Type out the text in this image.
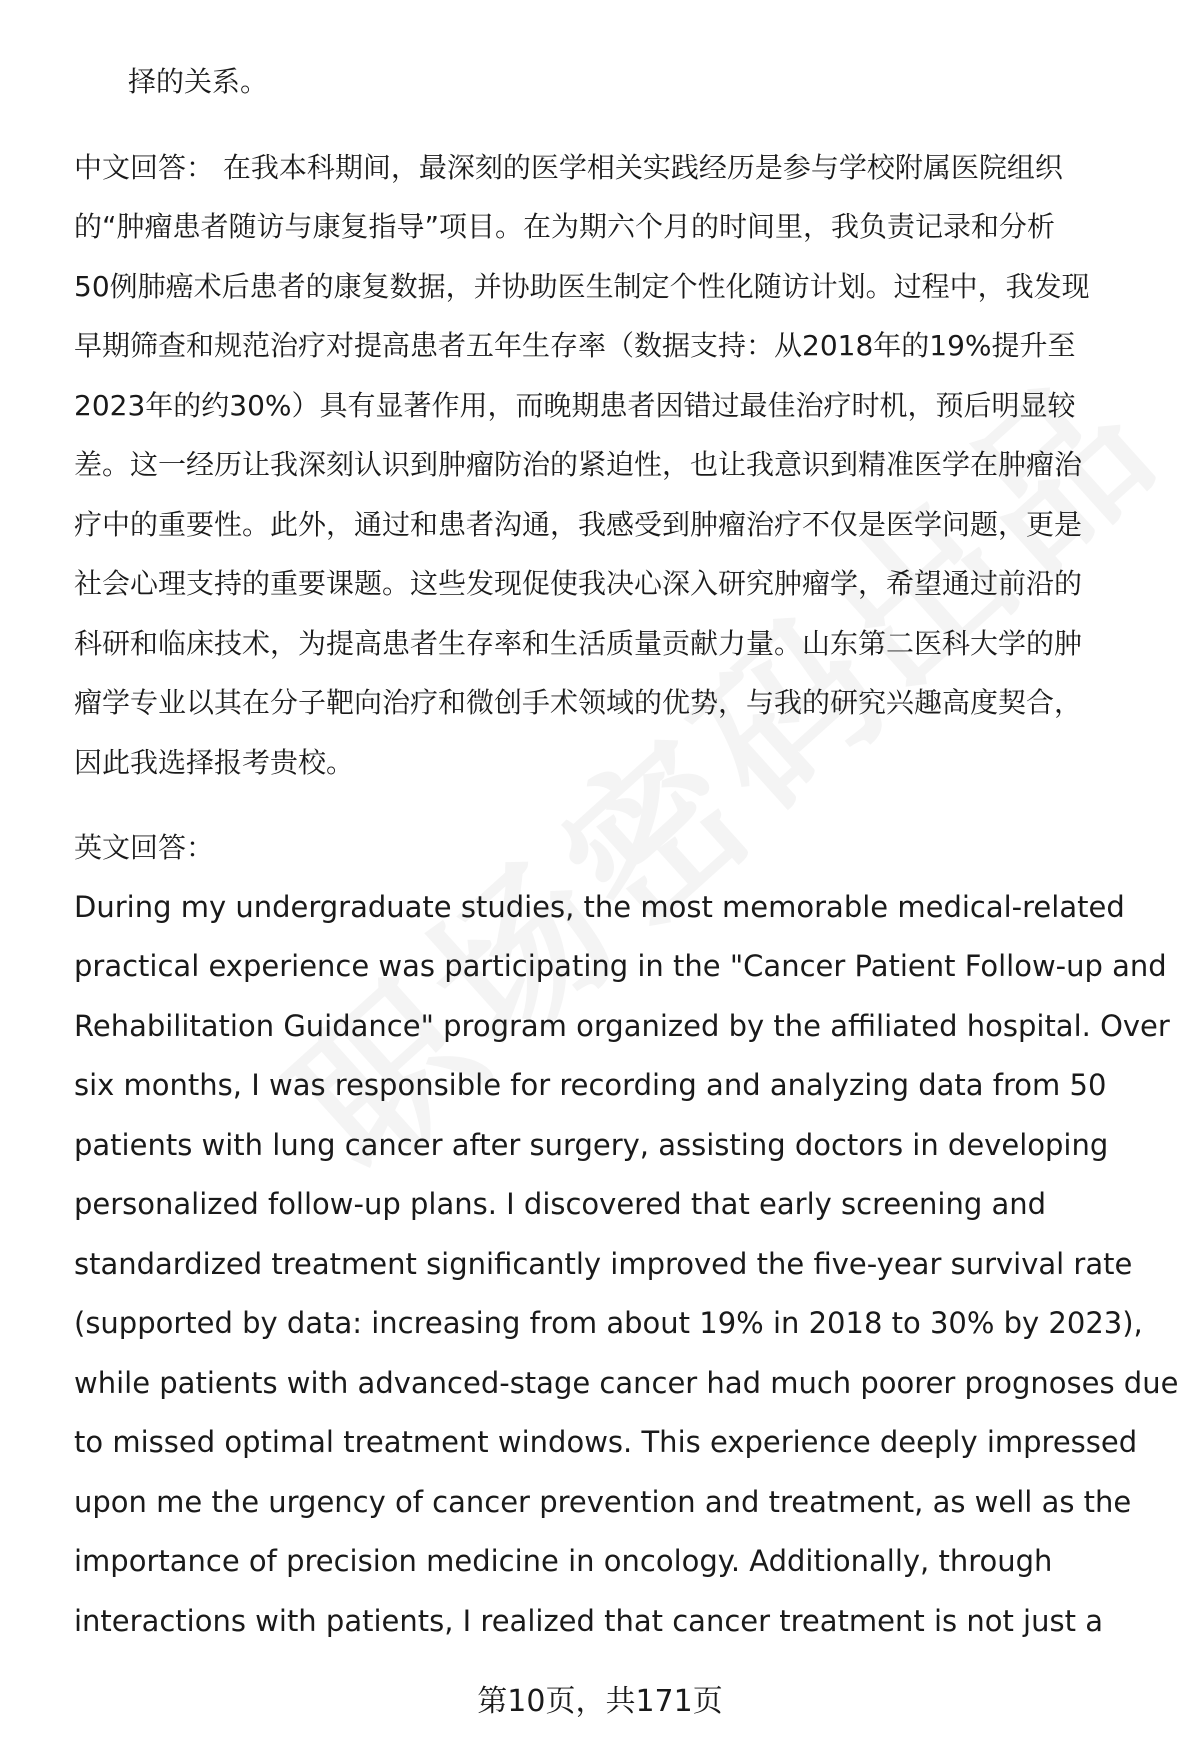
择的关系。

中文回答： 在我本科期间，最深刻的医学相关实践经历是参与学校附属医院组织

的“肿瘤患者随访与康复指导”项目。在为期六个月的时间里，我负责记录和分析

50例肺癌术后患者的康复数据，并协助医生制定个性化随访计划。过程中，我发现

早期筛查和规范治疗对提高患者五年生存率（数据支持：从2018年的19%提升至

2023年的约30%）具有显著作用，而晚期患者因错过最佳治疗时机，预后明显较

差。这一经历让我深刻认识到肿瘤防治的紧迫性，也让我意识到精准医学在肿瘤治

疗中的重要性。此外，通过和患者沟通，我感受到肿瘤治疗不仅是医学问题，更是

社会心理支持的重要课题。这些发现促使我决心深入研究肿瘤学，希望通过前沿的

科研和临床技术，为提高患者生存率和生活质量贡献力量。山东第二医科大学的肿

瘤学专业以其在分子靶向治疗和微创手术领域的优势，与我的研究兴趣高度契合，

因此我选择报考贵校。

英文回答：

During my undergraduate studies, the most memorable medical-related

practical experience was participating in the "Cancer Patient Follow-up and

Rehabilitation Guidance" program organized by the affiliated hospital. Over

six months, I was responsible for recording and analyzing data from 50

patients with lung cancer after surgery, assisting doctors in developing

personalized follow-up plans. I discovered that early screening and

standardized treatment significantly improved the five-year survival rate

(supported by data: increasing from about 19% in 2018 to 30% by 2023),

while patients with advanced-stage cancer had much poorer prognoses due

to missed optimal treatment windows. This experience deeply impressed

upon me the urgency of cancer prevention and treatment, as well as the

importance of precision medicine in oncology. Additionally, through

interactions with patients, I realized that cancer treatment is not just a

第10页，共171页
